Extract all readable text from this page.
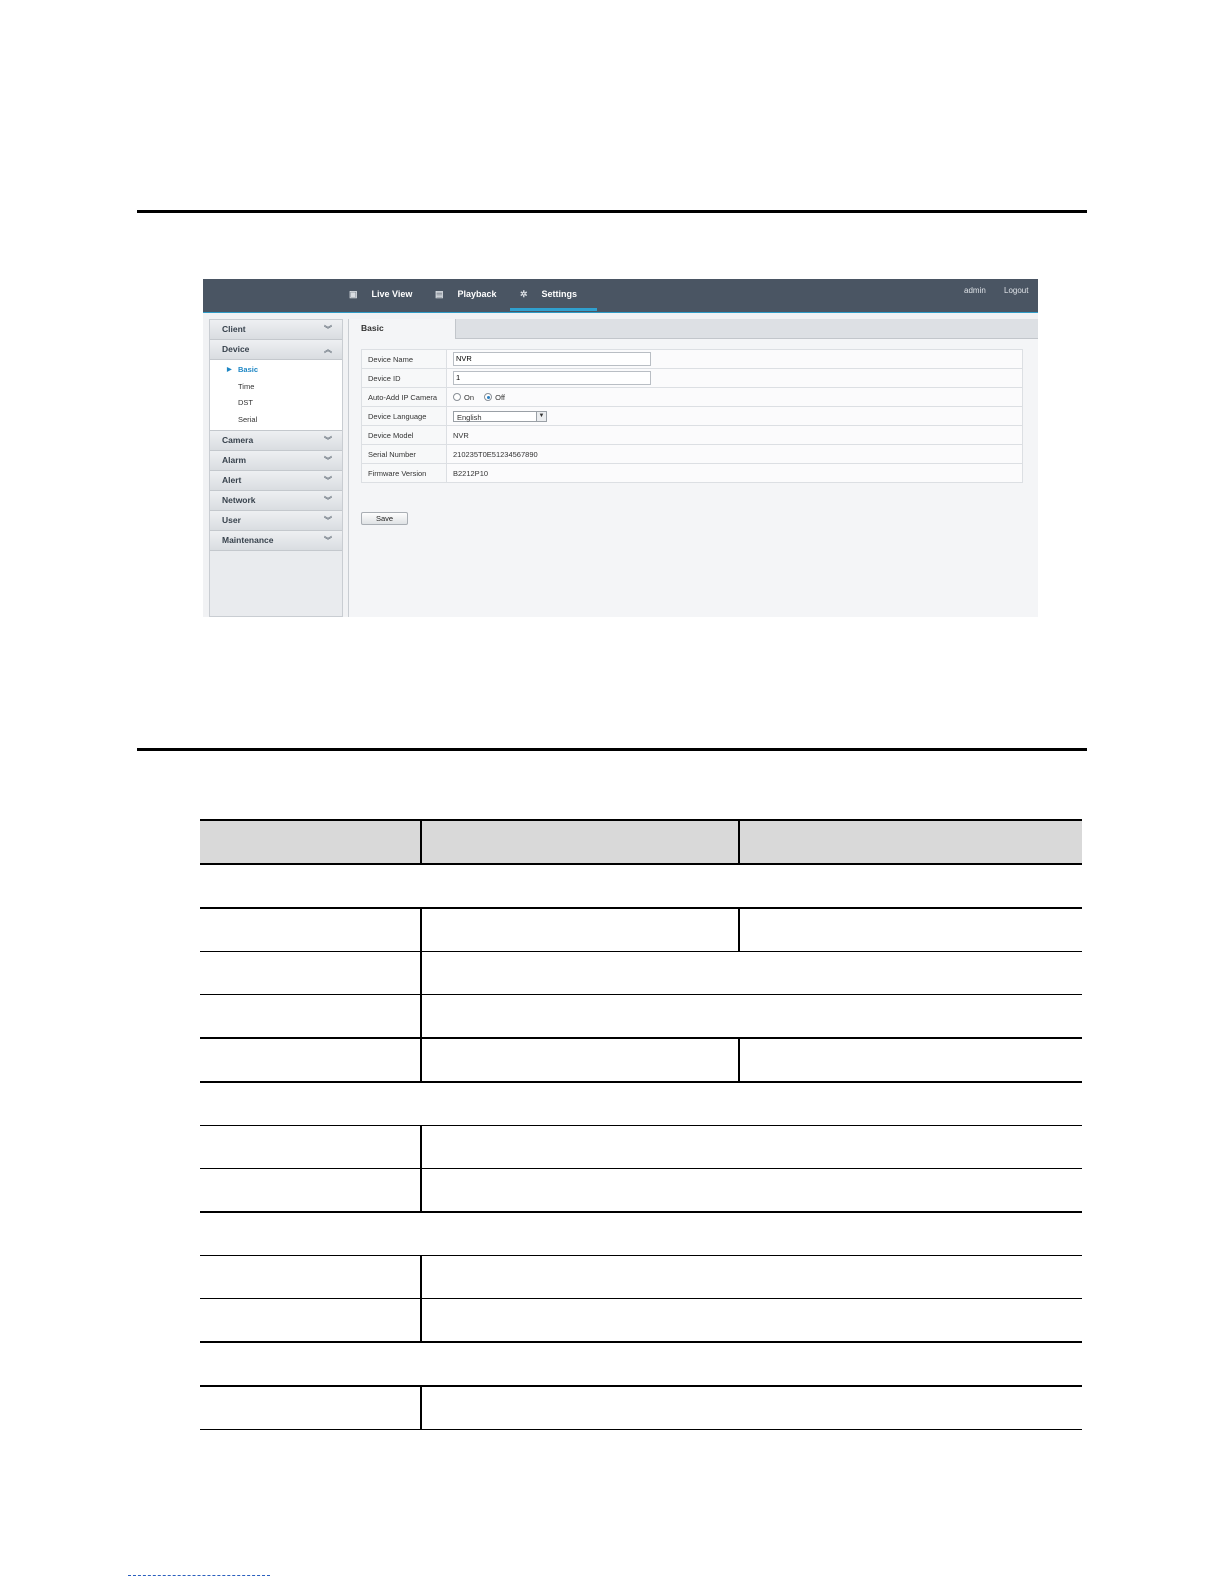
▣ Live View	▤ Playback	✲ Settings	admin Logout
Client	︾
Device	︽
▶ Basic
Time
DST
Serial
Camera	︾
Alarm	︾
Alert	︾
Network	︾
User	︾
Maintenance	︾
Basic
Device Name	NVR
Device ID	1
Auto-Add IP Camera	On Off
Device Language	English ▼

Device Model	NVR
Serial Number	210235T0E51234567890
Firmware Version	B2212P10
Save
